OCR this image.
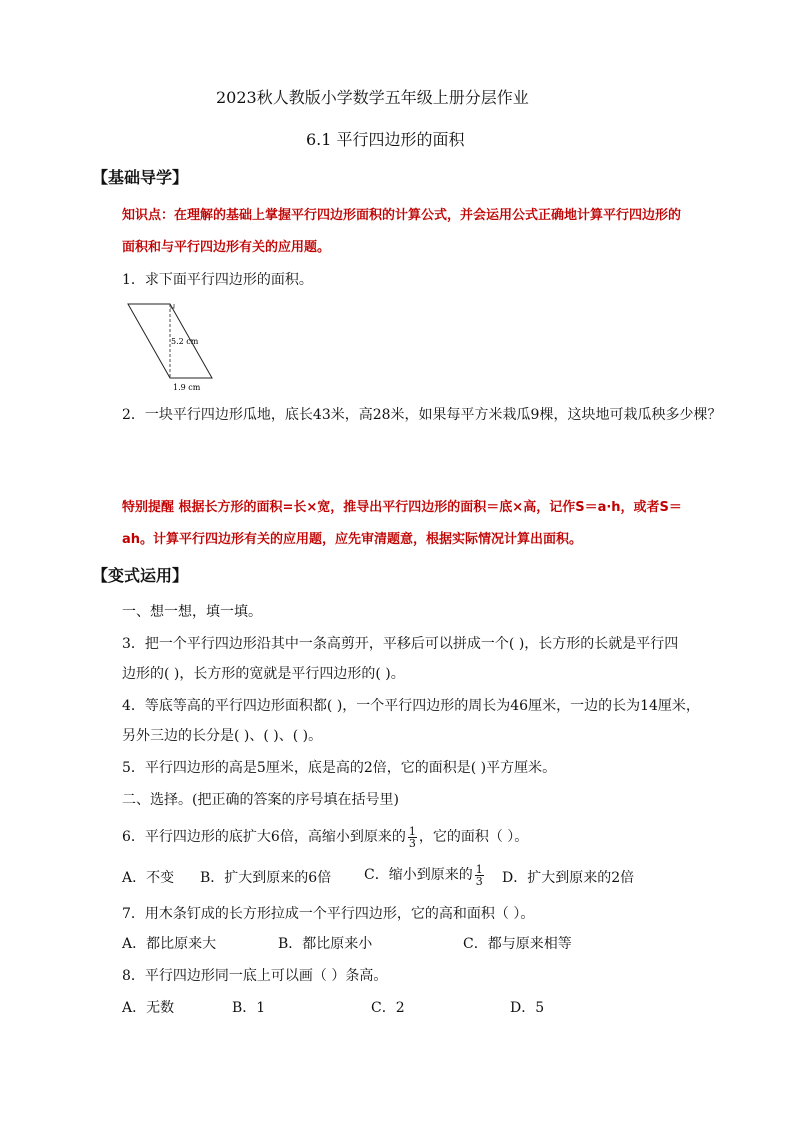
2023秋人教版小学数学五年级上册分层作业
6.1 平行四边形的面积
【基础导学】
知识点：在理解的基础上掌握平行四边形面积的计算公式，并会运用公式正确地计算平行四边形的
面积和与平行四边形有关的应用题。
1．求下面平行四边形的面积。
5.2 cm
1.9 cm
2．一块平行四边形瓜地，底长43米，高28米，如果每平方米栽瓜9棵，这块地可栽瓜秧多少棵？
特别提醒 根据长方形的面积=长×宽，推导出平行四边形的面积＝底×高，记作S＝a·h，或者S＝
ah。计算平行四边形有关的应用题，应先审清题意，根据实际情况计算出面积。
【变式运用】
一、想一想，填一填。
3．把一个平行四边形沿其中一条高剪开，平移后可以拼成一个( )，长方形的长就是平行四
边形的( )，长方形的宽就是平行四边形的( )。
4．等底等高的平行四边形面积都( )，一个平行四边形的周长为46厘米，一边的长为14厘米，
另外三边的长分是( )、( )、( )。
5．平行四边形的高是5厘米，底是高的2倍，它的面积是( )平方厘米。
二、选择。(把正确的答案的序号填在括号里)
6．平行四边形的底扩大6倍，高缩小到原来的 $\frac{1}{3}$ ，它的面积（ ）。
A．不变 B．扩大到原来的6倍 C．缩小到原来的 $\frac{1}{3}$ D．扩大到原来的2倍
7．用木条钉成的长方形拉成一个平行四边形，它的高和面积（ ）。
A．都比原来大	B．都比原来小	C．都与原来相等
8．平行四边形同一底上可以画（ ）条高。
A．无数	B．1	C．2	D．5
